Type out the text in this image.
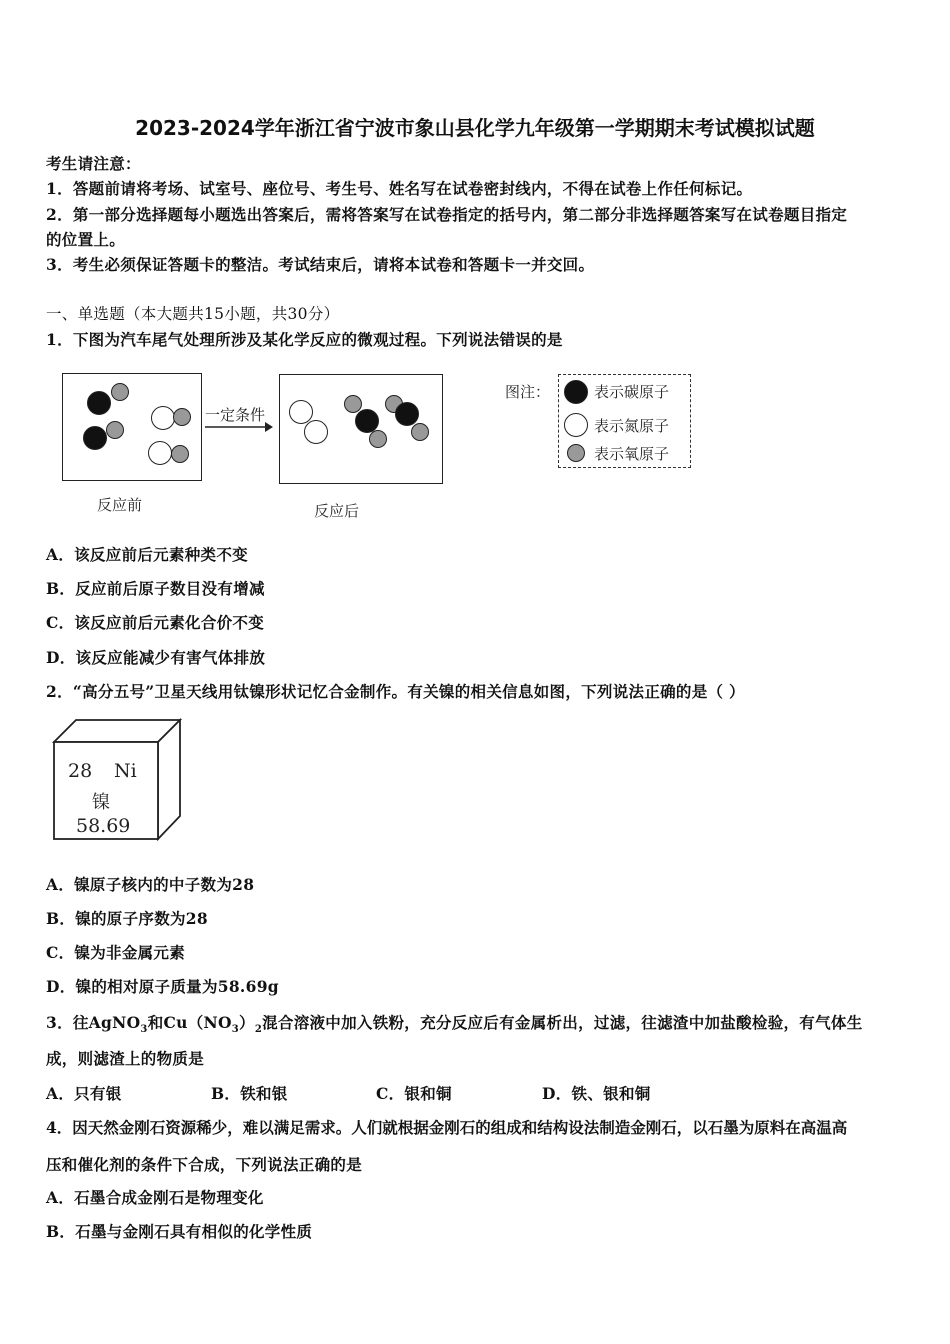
2023-2024学年浙江省宁波市象山县化学九年级第一学期期末考试模拟试题
考生请注意：
1．答题前请将考场、试室号、座位号、考生号、姓名写在试卷密封线内，不得在试卷上作任何标记。
2．第一部分选择题每小题选出答案后，需将答案写在试卷指定的括号内，第二部分非选择题答案写在试卷题目指定
的位置上。
3．考生必须保证答题卡的整洁。考试结束后，请将本试卷和答题卡一并交回。
一、单选题（本大题共15小题，共30分）
1．下图为汽车尾气处理所涉及某化学反应的微观过程。下列说法错误的是
一定条件
反应前	反应后
图注：	表示碳原子
表示氮原子
表示氧原子
A．该反应前后元素种类不变
B．反应前后原子数目没有增减
C．该反应前后元素化合价不变
D．该反应能减少有害气体排放
2．“高分五号”卫星天线用钛镍形状记忆合金制作。有关镍的相关信息如图，下列说法正确的是（ ）
28 Ni
镍
58.69
A．镍原子核内的中子数为28
B．镍的原子序数为28
C．镍为非金属元素
D．镍的相对原子质量为58.69g
3．往AgNO$_3$和$Cu(NO_3)_2$混合溶液中加入铁粉，充分反应后有金属析出，过滤，往滤渣中加盐酸检验，有气体生
成，则滤渣上的物质是
A．只有银	B．铁和银	C．银和铜	D．铁、银和铜
4．因天然金刚石资源稀少，难以满足需求。人们就根据金刚石的组成和结构设法制造金刚石，以石墨为原料在高温高
压和催化剂的条件下合成，下列说法正确的是
A．石墨合成金刚石是物理变化
B．石墨与金刚石具有相似的化学性质
